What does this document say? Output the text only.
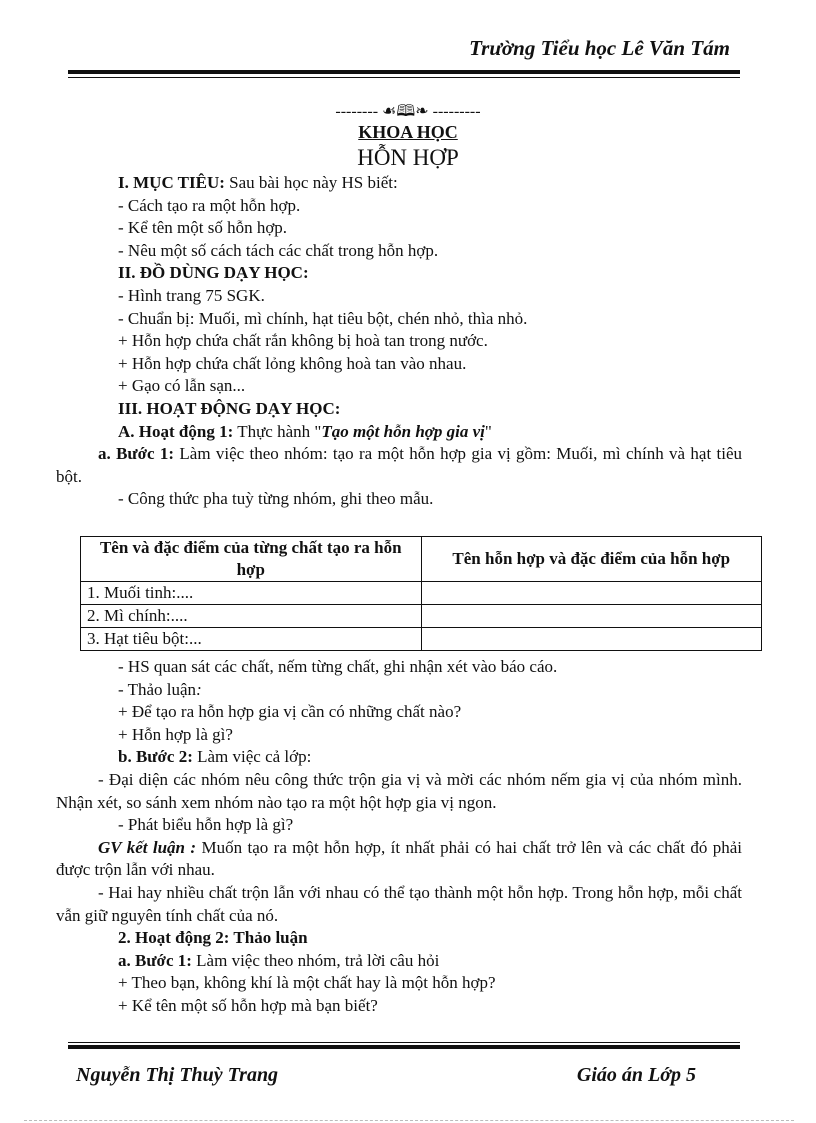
Trường Tiểu học Lê Văn Tám
-------- ☙🕮❧ ---------
KHOA HỌC
HỖN HỢP

I. MỤC TIÊU: Sau bài học này HS biết:

- Cách tạo ra một hỗn hợp.

- Kể tên một số hỗn hợp.

- Nêu một số cách tách các chất trong hỗn hợp.

II. ĐỒ DÙNG DẠY HỌC:

- Hình trang 75 SGK.

- Chuẩn bị: Muối, mì chính, hạt tiêu bột, chén nhỏ, thìa nhỏ.

+ Hỗn hợp chứa chất rắn không bị hoà tan trong nước.

+ Hỗn hợp chứa chất lỏng không hoà tan vào nhau.

+ Gạo có lẫn sạn...

III. HOẠT ĐỘNG DẠY HỌC:

A. Hoạt động 1: Thực hành "Tạo một hỗn hợp gia vị"

a. Bước 1: Làm việc theo nhóm: tạo ra một hỗn hợp gia vị gồm: Muối, mì chính và hạt tiêu bột.

- Công thức pha tuỳ từng nhóm, ghi theo mẫu.

Tên và đặc điểm của từng chất tạo ra hỗn hợp	Tên hỗn hợp và đặc điểm của hỗn hợp
1. Muối tinh:....	
2. Mì chính:....	
3. Hạt tiêu bột:...	

- HS quan sát các chất, nếm từng chất, ghi nhận xét vào báo cáo.

- Thảo luận:

+ Để tạo ra hỗn hợp gia vị cần có những chất nào?

+ Hỗn hợp là gì?

b. Bước 2: Làm việc cả lớp:

- Đại diện các nhóm nêu công thức trộn gia vị và mời các nhóm nếm gia vị của nhóm mình. Nhận xét, so sánh xem nhóm nào tạo ra một hột hợp gia vị ngon.

- Phát biểu hỗn hợp là gì?

GV kết luận : Muốn tạo ra một hỗn hợp, ít nhất phải có hai chất trở lên và các chất đó phải được trộn lẫn với nhau.

- Hai hay nhiều chất trộn lẫn với nhau có thể tạo thành một hỗn hợp. Trong hỗn hợp, mỗi chất vẫn giữ nguyên tính chất của nó.

2. Hoạt động 2: Thảo luận

a. Bước 1: Làm việc theo nhóm, trả lời câu hỏi

+ Theo bạn, không khí là một chất hay là một hỗn hợp?

+ Kể tên một số hỗn hợp mà bạn biết?

Nguyễn Thị Thuỳ Trang	Giáo án Lớp 5
